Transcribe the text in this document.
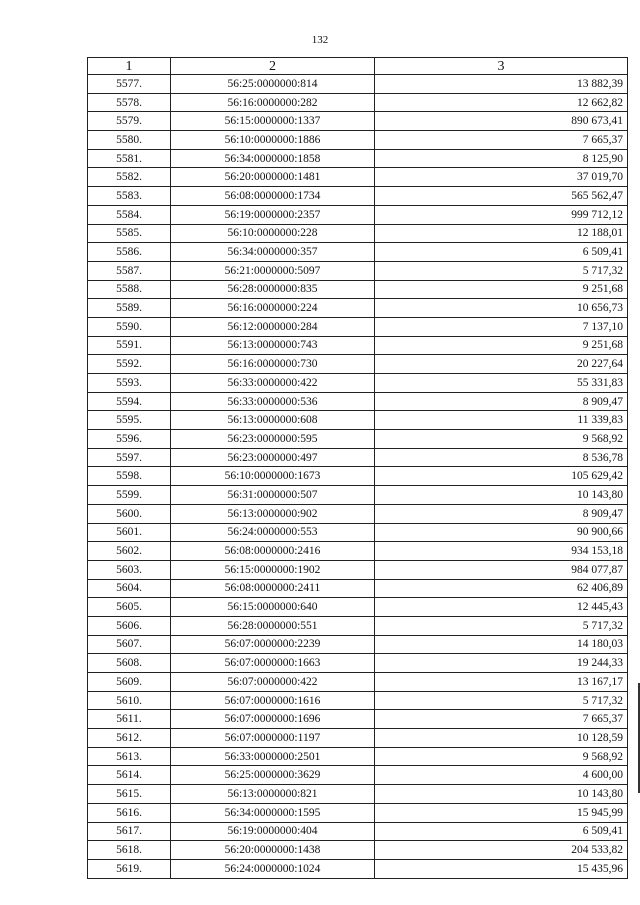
132
1	2	3
5577.	56:25:0000000:814	13 882,39
5578.	56:16:0000000:282	12 662,82
5579.	56:15:0000000:1337	890 673,41
5580.	56:10:0000000:1886	7 665,37
5581.	56:34:0000000:1858	8 125,90
5582.	56:20:0000000:1481	37 019,70
5583.	56:08:0000000:1734	565 562,47
5584.	56:19:0000000:2357	999 712,12
5585.	56:10:0000000:228	12 188,01
5586.	56:34:0000000:357	6 509,41
5587.	56:21:0000000:5097	5 717,32
5588.	56:28:0000000:835	9 251,68
5589.	56:16:0000000:224	10 656,73
5590.	56:12:0000000:284	7 137,10
5591.	56:13:0000000:743	9 251,68
5592.	56:16:0000000:730	20 227,64
5593.	56:33:0000000:422	55 331,83
5594.	56:33:0000000:536	8 909,47
5595.	56:13:0000000:608	11 339,83
5596.	56:23:0000000:595	9 568,92
5597.	56:23:0000000:497	8 536,78
5598.	56:10:0000000:1673	105 629,42
5599.	56:31:0000000:507	10 143,80
5600.	56:13:0000000:902	8 909,47
5601.	56:24:0000000:553	90 900,66
5602.	56:08:0000000:2416	934 153,18
5603.	56:15:0000000:1902	984 077,87
5604.	56:08:0000000:2411	62 406,89
5605.	56:15:0000000:640	12 445,43
5606.	56:28:0000000:551	5 717,32
5607.	56:07:0000000:2239	14 180,03
5608.	56:07:0000000:1663	19 244,33
5609.	56:07:0000000:422	13 167,17
5610.	56:07:0000000:1616	5 717,32
5611.	56:07:0000000:1696	7 665,37
5612.	56:07:0000000:1197	10 128,59
5613.	56:33:0000000:2501	9 568,92
5614.	56:25:0000000:3629	4 600,00
5615.	56:13:0000000:821	10 143,80
5616.	56:34:0000000:1595	15 945,99
5617.	56:19:0000000:404	6 509,41
5618.	56:20:0000000:1438	204 533,82
5619.	56:24:0000000:1024	15 435,96
